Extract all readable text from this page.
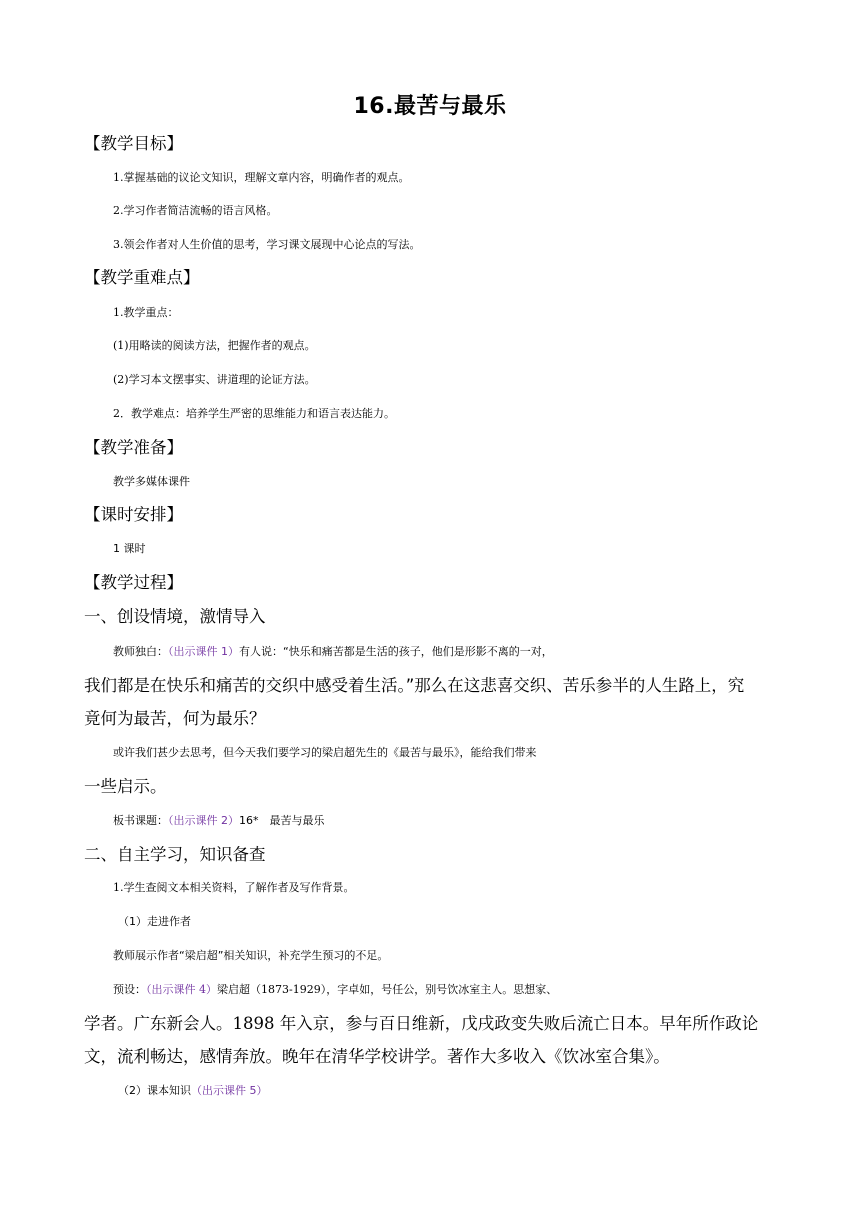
16.最苦与最乐
【教学目标】
1.掌握基础的议论文知识，理解文章内容，明确作者的观点。
2.学习作者简洁流畅的语言风格。
3.领会作者对人生价值的思考，学习课文展现中心论点的写法。
【教学重难点】
1.教学重点：
(1)用略读的阅读方法，把握作者的观点。
(2)学习本文摆事实、讲道理的论证方法。
2．教学难点：培养学生严密的思维能力和语言表达能力。
【教学准备】
教学多媒体课件
【课时安排】
1 课时
【教学过程】
一、创设情境，激情导入
教师独白：（出示课件 1）有人说：“快乐和痛苦都是生活的孩子，他们是形影不离的一对，
我们都是在快乐和痛苦的交织中感受着生活。”那么在这悲喜交织、苦乐参半的人生路上，究
竟何为最苦，何为最乐？
或许我们甚少去思考，但今天我们要学习的梁启超先生的《最苦与最乐》，能给我们带来
一些启示。
板书课题：（出示课件 2）16*　最苦与最乐
二、自主学习，知识备查
1.学生查阅文本相关资料，了解作者及写作背景。
（1）走进作者
教师展示作者“梁启超”相关知识，补充学生预习的不足。
预设：（出示课件 4）梁启超（1873-1929），字卓如，号任公，别号饮冰室主人。思想家、
学者。广东新会人。1898 年入京，参与百日维新，戊戌政变失败后流亡日本。早年所作政论
文，流利畅达，感情奔放。晚年在清华学校讲学。著作大多收入《饮冰室合集》。
（2）课本知识（出示课件 5）
